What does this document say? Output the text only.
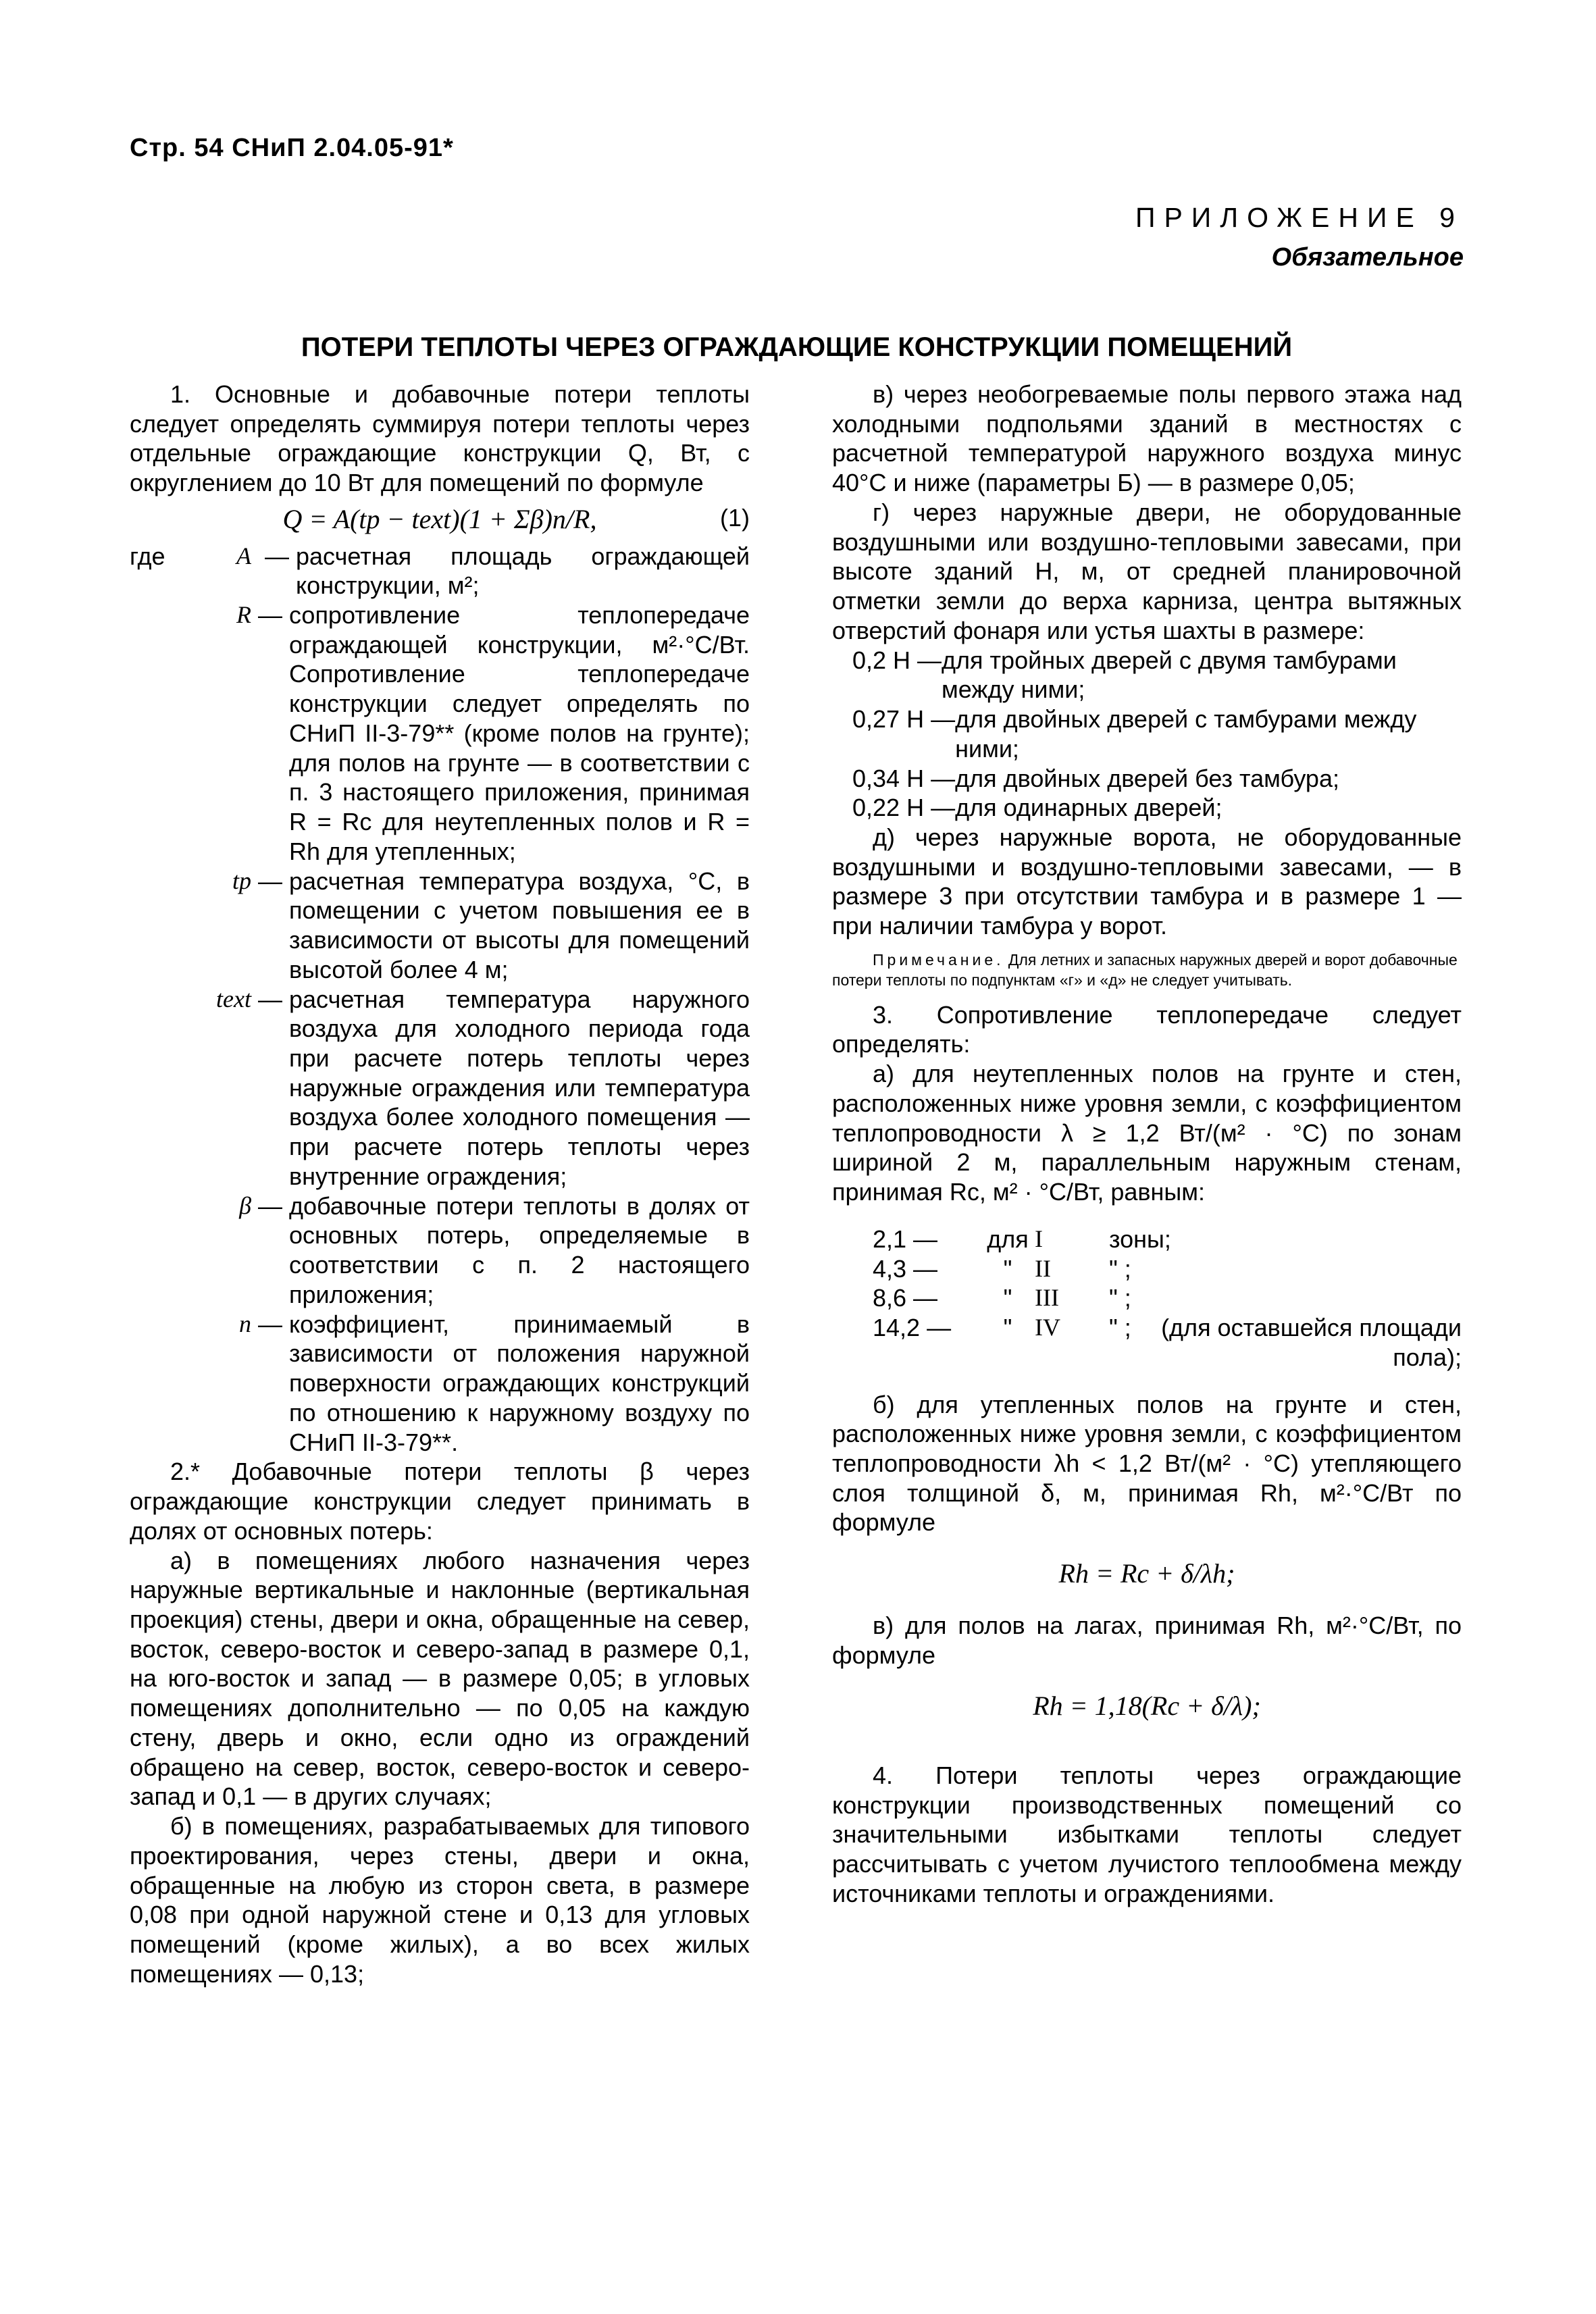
Стр. 54 СНиП 2.04.05-91*
ПРИЛОЖЕНИЕ 9
Обязательное
ПОТЕРИ ТЕПЛОТЫ ЧЕРЕЗ ОГРАЖДАЮЩИЕ КОНСТРУКЦИИ ПОМЕЩЕНИЙ

1. Основные и добавочные потери теплоты следует определять суммируя потери теплоты через отдельные ограждающие конструкции Q, Вт, с округлением до 10 Вт для помещений по формуле

Q = A(tp − text)(1 + Σβ)n/R,	(1)
где	A — расчетная площадь ограждающей конструкции, м²;
R — сопротивление теплопередаче ограждающей конструкции, м²·°С/Вт. Сопротивление теплопередаче конструкции следует определять по СНиП II-3-79** (кроме полов на грунте); для полов на грунте — в соответствии с п. 3 настоящего приложения, принимая R = Rc для неутепленных полов и R = Rh для утепленных;
tp — расчетная температура воздуха, °С, в помещении с учетом повышения ее в зависимости от высоты для помещений высотой более 4 м;
text — расчетная температура наружного воздуха для холодного периода года при расчете потерь теплоты через наружные ограждения или температура воздуха более холодного помещения — при расчете потерь теплоты через внутренние ограждения;
β — добавочные потери теплоты в долях от основных потерь, определяемые в соответствии с п. 2 настоящего приложения;
n — коэффициент, принимаемый в зависимости от положения наружной поверхности ограждающих конструкций по отношению к наружному воздуху по СНиП II-3-79**.

2.* Добавочные потери теплоты β через ограждающие конструкции следует принимать в долях от основных потерь:

а) в помещениях любого назначения через наружные вертикальные и наклонные (вертикальная проекция) стены, двери и окна, обращенные на север, восток, северо-восток и северо-запад в размере 0,1, на юго-восток и запад — в размере 0,05; в угловых помещениях дополнительно — по 0,05 на каждую стену, дверь и окно, если одно из ограждений обращено на север, восток, северо-восток и северо-запад и 0,1 — в других случаях;

б) в помещениях, разрабатываемых для типового проектирования, через стены, двери и окна, обращенные на любую из сторон света, в размере 0,08 при одной наружной стене и 0,13 для угловых помещений (кроме жилых), а во всех жилых помещениях — 0,13;

в) через необогреваемые полы первого этажа над холодными подпольями зданий в местностях с расчетной температурой наружного воздуха минус 40°С и ниже (параметры Б) — в размере 0,05;

г) через наружные двери, не оборудованные воздушными или воздушно-тепловыми завесами, при высоте зданий H, м, от средней планировочной отметки земли до верха карниза, центра вытяжных отверстий фонаря или устья шахты в размере:

0,2 H — для тройных дверей с двумя тамбурами между ними;
0,27 H — для двойных дверей с тамбурами между ними;
0,34 H — для двойных дверей без тамбура;
0,22 H — для одинарных дверей;

д) через наружные ворота, не оборудованные воздушными и воздушно-тепловыми завесами, — в размере 3 при отсутствии тамбура и в размере 1 — при наличии тамбура у ворот.

Примечание. Для летних и запасных наружных дверей и ворот добавочные потери теплоты по подпунктам «г» и «д» не следует учитывать.

3. Сопротивление теплопередаче следует определять:

а) для неутепленных полов на грунте и стен, расположенных ниже уровня земли, с коэффициентом теплопроводности λ ≥ 1,2 Вт/(м² · °С) по зонам шириной 2 м, параллельным наружным стенам, принимая Rc, м² · °С/Вт, равным:

2,1 —	для I	зоны;
4,3 —	" II	" ;
8,6 —	" III	" ;
14,2 —	" IV	" ;	(для оставшейся площади пола);

б) для утепленных полов на грунте и стен, расположенных ниже уровня земли, с коэффициентом теплопроводности λh < 1,2 Вт/(м² · °С) утепляющего слоя толщиной δ, м, принимая Rh, м²·°С/Вт по формуле

Rh = Rc + δ/λh;

в) для полов на лагах, принимая Rh, м²·°С/Вт, по формуле

Rh = 1,18(Rc + δ/λ);

4. Потери теплоты через ограждающие конструкции производственных помещений со значительными избытками теплоты следует рассчитывать с учетом лучистого теплообмена между источниками теплоты и ограждениями.
